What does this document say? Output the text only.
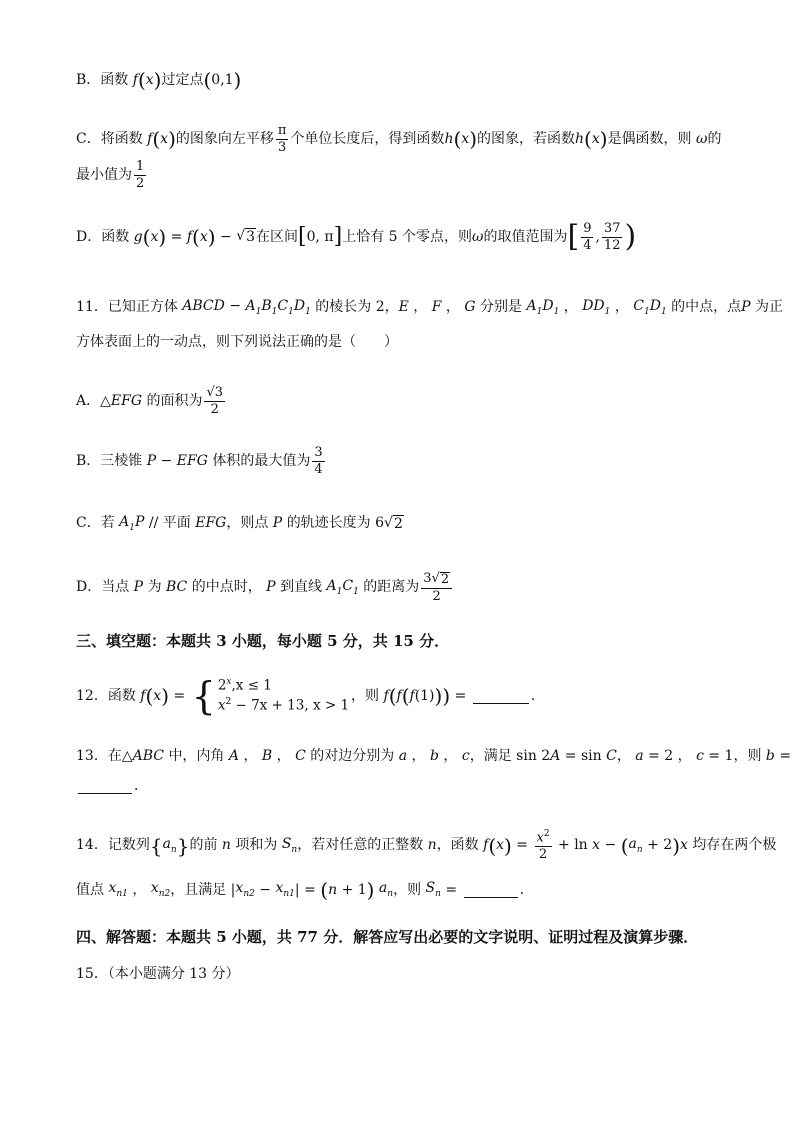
B． 函数 f ( x ) 过定点 ( 0,1 )
C． 将函数 f ( x ) 的图象向左平移 $\frac{\pi}{3}$ 个单位长度后，得到函数 h ( x ) 的图象，若函数 h ( x ) 是偶函数，则 ω 的
最小值为 $\frac{1}{2}$
D． 函数 g ( x ) = f ( x ) − √ 3 在区间 [ 0, π ] 上恰有 5 个零点，则 ω 的取值范围为 [ $\frac{9}{4}$ , $\frac{37}{12}$ )
11．已知正方体 ABCD − $A_1B_1C_1D_1$ 的棱长为 2， E ， F ， G 分别是 $A_1D_1$ ， $DD_1$ ， $C_1D_1$ 的中点，点 P 为正
方体表面上的一动点，则下列说法正确的是（　　）
A． △ EFG 的面积为 $\frac{√3}{2}$
B． 三棱锥 P − EFG 体积的最大值为 $\frac{3}{4}$
C． 若 $A_1P$ // 平面 EFG ，则点 P 的轨迹长度为 6 √ 2
D． 当点 P 为 BC 的中点时， P 到直线 $A_1C_1$ 的距离为 $\frac{3√ 2}{2}$
三、填空题：本题共 3 小题，每小题 5 分，共 15 分．
12．函数 f ( x ) = { $2^x,x \le 1$
$x^2 - 7x + 13$, x > 1
，则 f ( f ( f (1) )) =	.
13．在 △ ABC 中，内角 A ， B ， C 的对边分别为 a ， b ， c ，满足 sin 2 A = sin C ， a = 2 ， c = 1 ，则 b =
．
14．记数列 { $a_n$ } 的前 n 项和为 $S_n$ ，若对任意的正整数 n ，函数 f ( x ) = $\frac{x^2}{2} + \ln x$ − ( $a_n + 2$ ) x 均存在两个极
值点 $x_{n1}$ ， $x_{n2}$ ，且满足 | $x_{n2} - x_{n1}$ | = ( n + 1 ) $a_n$ ，则 $S_n$ =	．
四、解答题：本题共 5 小题，共 77 分．解答应写出必要的文字说明、证明过程及演算步骤．
15．（本小题满分 13 分）
